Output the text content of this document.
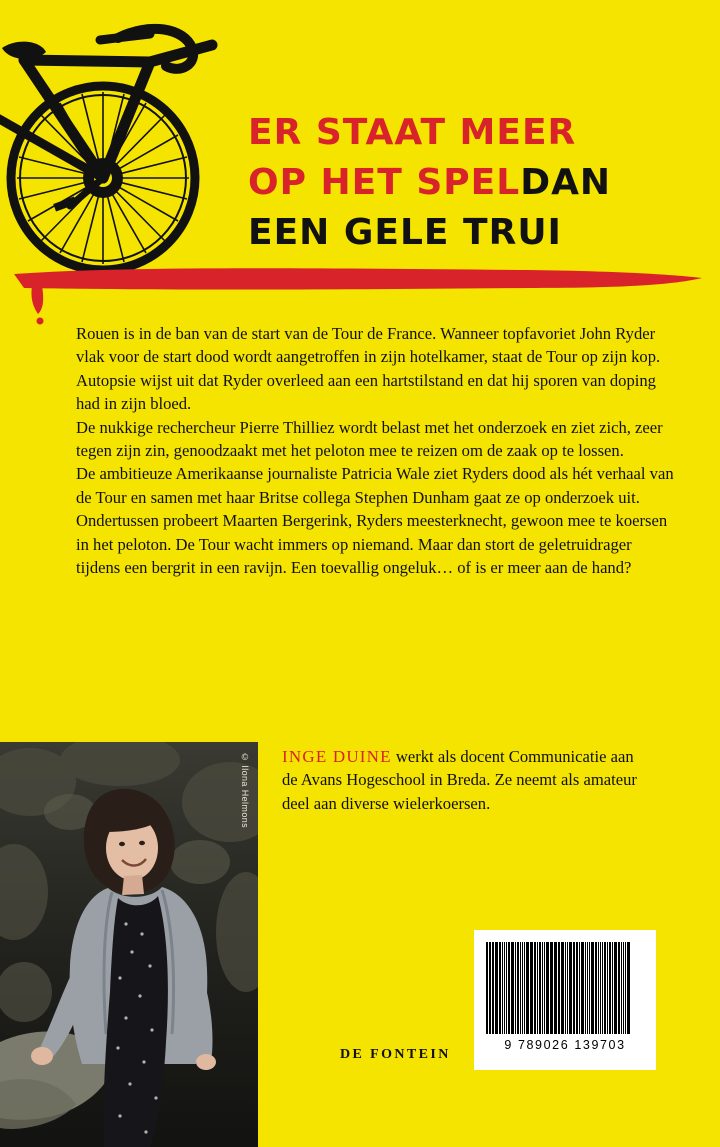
ER STAAT MEER
OP HET SPELDAN
EEN GELE TRUI

Rouen is in de ban van de start van de Tour de France. Wanneer topfavoriet John Ryder vlak voor de start dood wordt aangetroffen in zijn hotelkamer, staat de Tour op zijn kop. Autopsie wijst uit dat Ryder overleed aan een hartstilstand en dat hij sporen van doping had in zijn bloed.

De nukkige rechercheur Pierre Thilliez wordt belast met het onderzoek en ziet zich, zeer tegen zijn zin, genoodzaakt met het peloton mee te reizen om de zaak op te lossen.

De ambitieuze Amerikaanse journaliste Patricia Wale ziet Ryders dood als hét verhaal van de Tour en samen met haar Britse collega Stephen Dunham gaat ze op onderzoek uit.

Ondertussen probeert Maarten Bergerink, Ryders meesterknecht, gewoon mee te koersen in het peloton. De Tour wacht immers op niemand. Maar dan stort de geletruidrager tijdens een bergrit in een ravijn. Een toevallig ongeluk… of is er meer aan de hand?

© Ilona Helmons INGE DUINE werkt als docent Communicatie aan de Avans Hogeschool in Breda. Ze neemt als amateur deel aan diverse wielerkoersen.
DE FONTEIN
9 789026 139703
